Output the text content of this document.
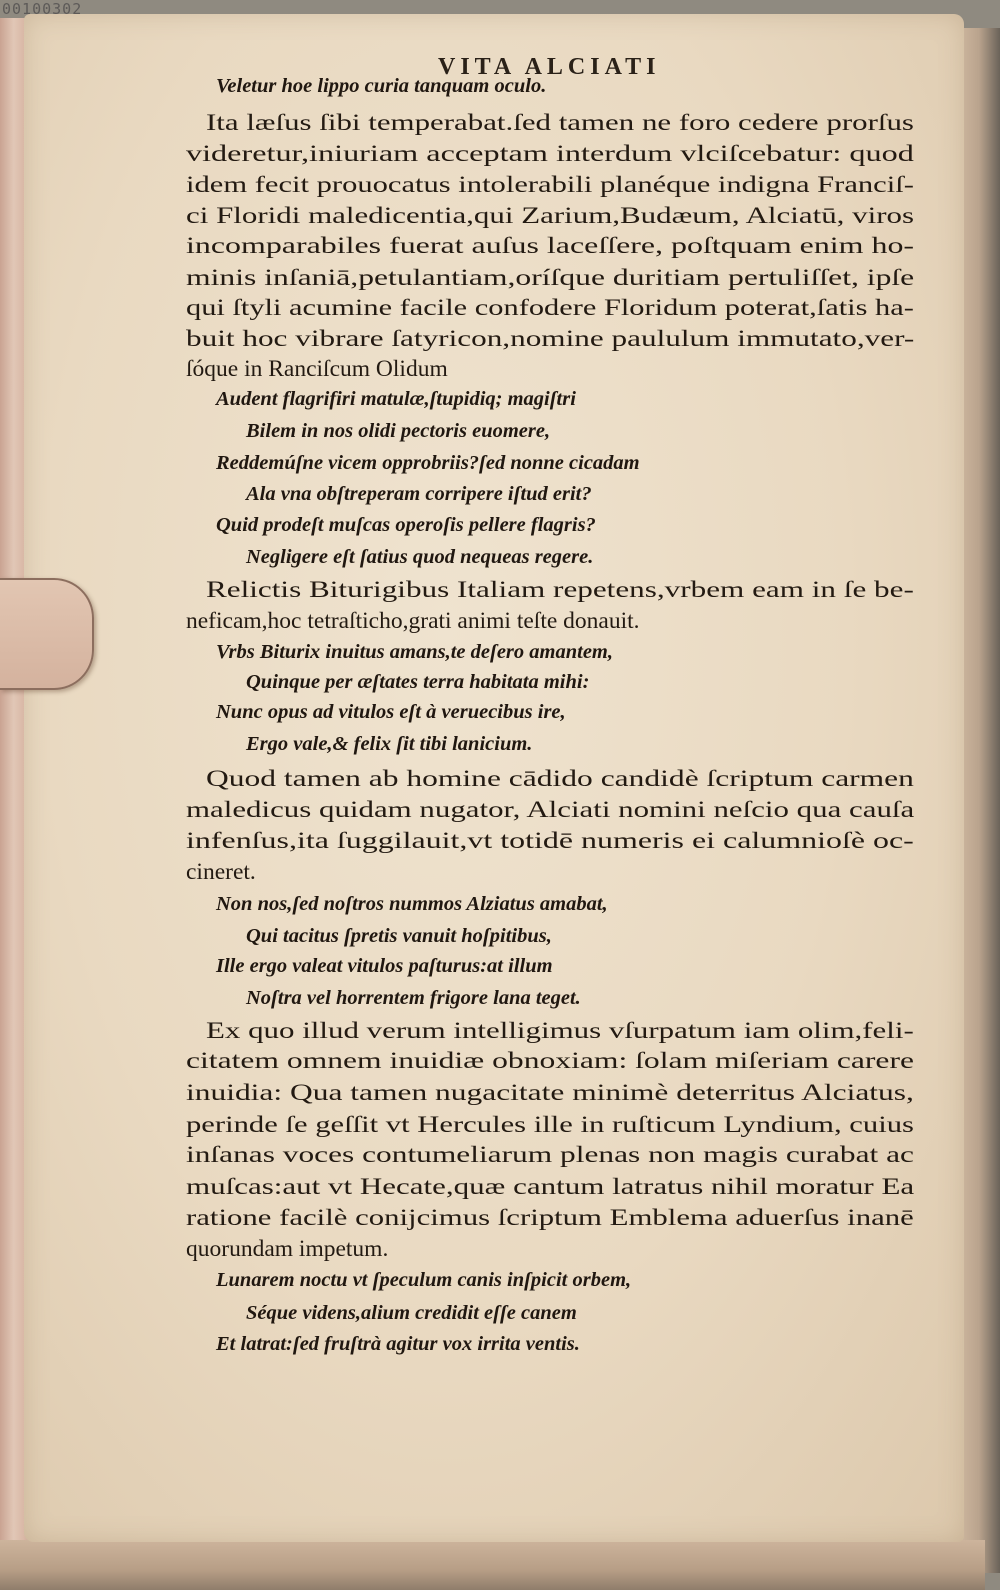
VITA ALCIATI
Veletur hoe lippo curia tanquam oculo.
Ita læſus ſibi temperabat.ſed tamen ne foro cedere prorſus
videretur,iniuriam acceptam interdum vlciſcebatur: quod
idem fecit prouocatus intolerabili planéque indigna Franciſ-
ci Floridi maledicentia,qui Zarium,Budæum, Alciatū, viros
incomparabiles fuerat auſus laceſſere, poſtquam enim ho-
minis inſaniā,petulantiam,oríſque duritiam pertuliſſet, ipſe
qui ſtyli acumine facile confodere Floridum poterat,ſatis ha-
buit hoc vibrare ſatyricon,nomine paululum immutato,ver-
ſóque in Ranciſcum Olidum
Audent flagrifiri matulæ,ſtupidiq; magiſtri
Bilem in nos olidi pectoris euomere,
Reddemúſne vicem opprobriis?ſed nonne cicadam
Ala vna obſtreperam corripere iſtud erit?
Quid prodeſt muſcas operoſis pellere flagris?
Negligere eſt ſatius quod nequeas regere.
Relictis Biturigibus Italiam repetens,vrbem eam in ſe be-
neficam,hoc tetraſticho,grati animi teſte donauit.
Vrbs Biturix inuitus amans,te deſero amantem,
Quinque per æſtates terra habitata mihi:
Nunc opus ad vitulos eſt à veruecibus ire,
Ergo vale,& felix ſit tibi lanicium.
Quod tamen ab homine cādido candidè ſcriptum carmen
maledicus quidam nugator, Alciati nomini neſcio qua cauſa
infenſus,ita ſuggilauit,vt totidē numeris ei calumnioſè oc-
cineret.
Non nos,ſed noſtros nummos Alziatus amabat,
Qui tacitus ſpretis vanuit hoſpitibus,
Ille ergo valeat vitulos paſturus:at illum
Noſtra vel horrentem frigore lana teget.
Ex quo illud verum intelligimus vſurpatum iam olim,feli-
citatem omnem inuidiæ obnoxiam: ſolam miſeriam carere
inuidia: Qua tamen nugacitate minimè deterritus Alciatus,
perinde ſe geſſit vt Hercules ille in ruſticum Lyndium, cuius
inſanas voces contumeliarum plenas non magis curabat ac
muſcas:aut vt Hecate,quæ cantum latratus nihil moratur Ea
ratione facilè conijcimus ſcriptum Emblema aduerſus inanē
quorundam impetum.
Lunarem noctu vt ſpeculum canis inſpicit orbem,
Séque videns,alium credidit eſſe canem
Et latrat:ſed fruſtrà agitur vox irrita ventis.
00100302
